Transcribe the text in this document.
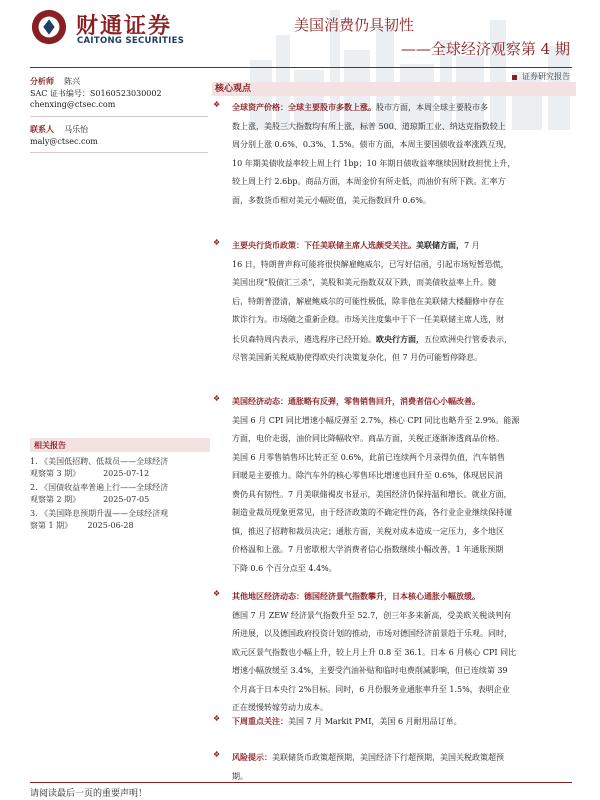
财通证券
CAITONG SECURITIES
美国消费仍具韧性
——全球经济观察第 4 期
证券研究报告
分析师 陈兴
SAC 证书编号：S0160523030002
chenxing@ctsec.com
联系人 马乐怡
maly@ctsec.com
相关报告
1. 《美国低招聘、低裁员——全球经济
观察第 3 期》	2025-07-12
2. 《国债收益率普遍上行——全球经济
观察第 2 期》	2025-07-05
3. 《美国降息预期升温——全球经济观
察第 1 期》 2025-06-28
核心观点
❖	全球资产价格：全球主要股市多数上涨。股市方面，本周全球主要股市多
数上涨，美股三大指数均有所上涨，标普 500、道琼斯工业、纳达克指数较上
周分别上涨 0.6%、0.3%、1.5%。债市方面，本周主要国债收益率涨跌互现，
10 年期美债收益率较上周上行 1bp；10 年期日债收益率继续因财政担忧上升，
较上周上行 2.6bp。商品方面，本周金价有所走低，而油价有所下跌。汇率方
面，多数货币相对美元小幅贬值，美元指数回升 0.6%。
❖	主要央行货币政策：下任美联储主席人选颇受关注。美联储方面，7 月
16 日，特朗普声称可能将很快解雇鲍威尔，已写好信函，引起市场短暂恐慌，
美国出现“股债汇三杀”，美股和美元指数双双下跌，而美债收益率上升。随
后，特朗普澄清，解雇鲍威尔的可能性极低，除非他在美联储大楼翻修中存在
欺诈行为。市场随之重新企稳。市场关注度集中于下一任美联储主席人选，财
长贝森特周内表示，遴选程序已经开始。欧央行方面，五位欧洲央行管委表示，
尽管美国新关税威胁使得欧央行决策复杂化，但 7 月仍可能暂停降息。
❖	美国经济动态：通胀略有反弹，零售销售回升，消费者信心小幅改善。
美国 6 月 CPI 同比增速小幅反弹至 2.7%，核心 CPI 同比也略升至 2.9%。能源
方面，电价走弱，油价同比降幅收窄。商品方面，关税正逐渐渗透商品价格。
美国 6 月零售销售环比转正至 0.6%，此前已连续两个月录得负值，汽车销售
回暖是主要推力。除汽车外的核心零售环比增速也回升至 0.6%，体现居民消
费仍具有韧性。7 月美联储褐皮书显示，美国经济仍保持温和增长。就业方面，
制造业裁员现象更常见，由于经济政策的不确定性仍高，各行业企业继续保持谨
慎，推迟了招聘和裁员决定；通胀方面，关税对成本造成一定压力，多个地区
价格温和上涨。7 月密歇根大学消费者信心指数继续小幅改善，1 年通胀预期
下降 0.6 个百分点至 4.4%。
❖	其他地区经济动态：德国经济景气指数攀升，日本核心通胀小幅放缓。
德国 7 月 ZEW 经济景气指数升至 52.7，创三年多来新高，受美欧关税谈判有
所进展，以及德国政府投资计划的推动，市场对德国经济前景趋于乐观。同时，
欧元区景气指数也小幅上升，较上月上升 0.8 至 36.1。日本 6 月核心 CPI 同比
增速小幅放缓至 3.4%，主要受汽油补贴和临时电费削减影响，但已连续第 39
个月高于日本央行 2%目标。同时，6 月份服务业通胀率升至 1.5%，表明企业
正在缓慢转嫁劳动力成本。
❖	下周重点关注：美国 7 月 Markit PMI，美国 6 月耐用品订单。
❖	风险提示：美联储货币政策超预期，美国经济下行超预期，美国关税政策超预
期。
请阅读最后一页的重要声明！
